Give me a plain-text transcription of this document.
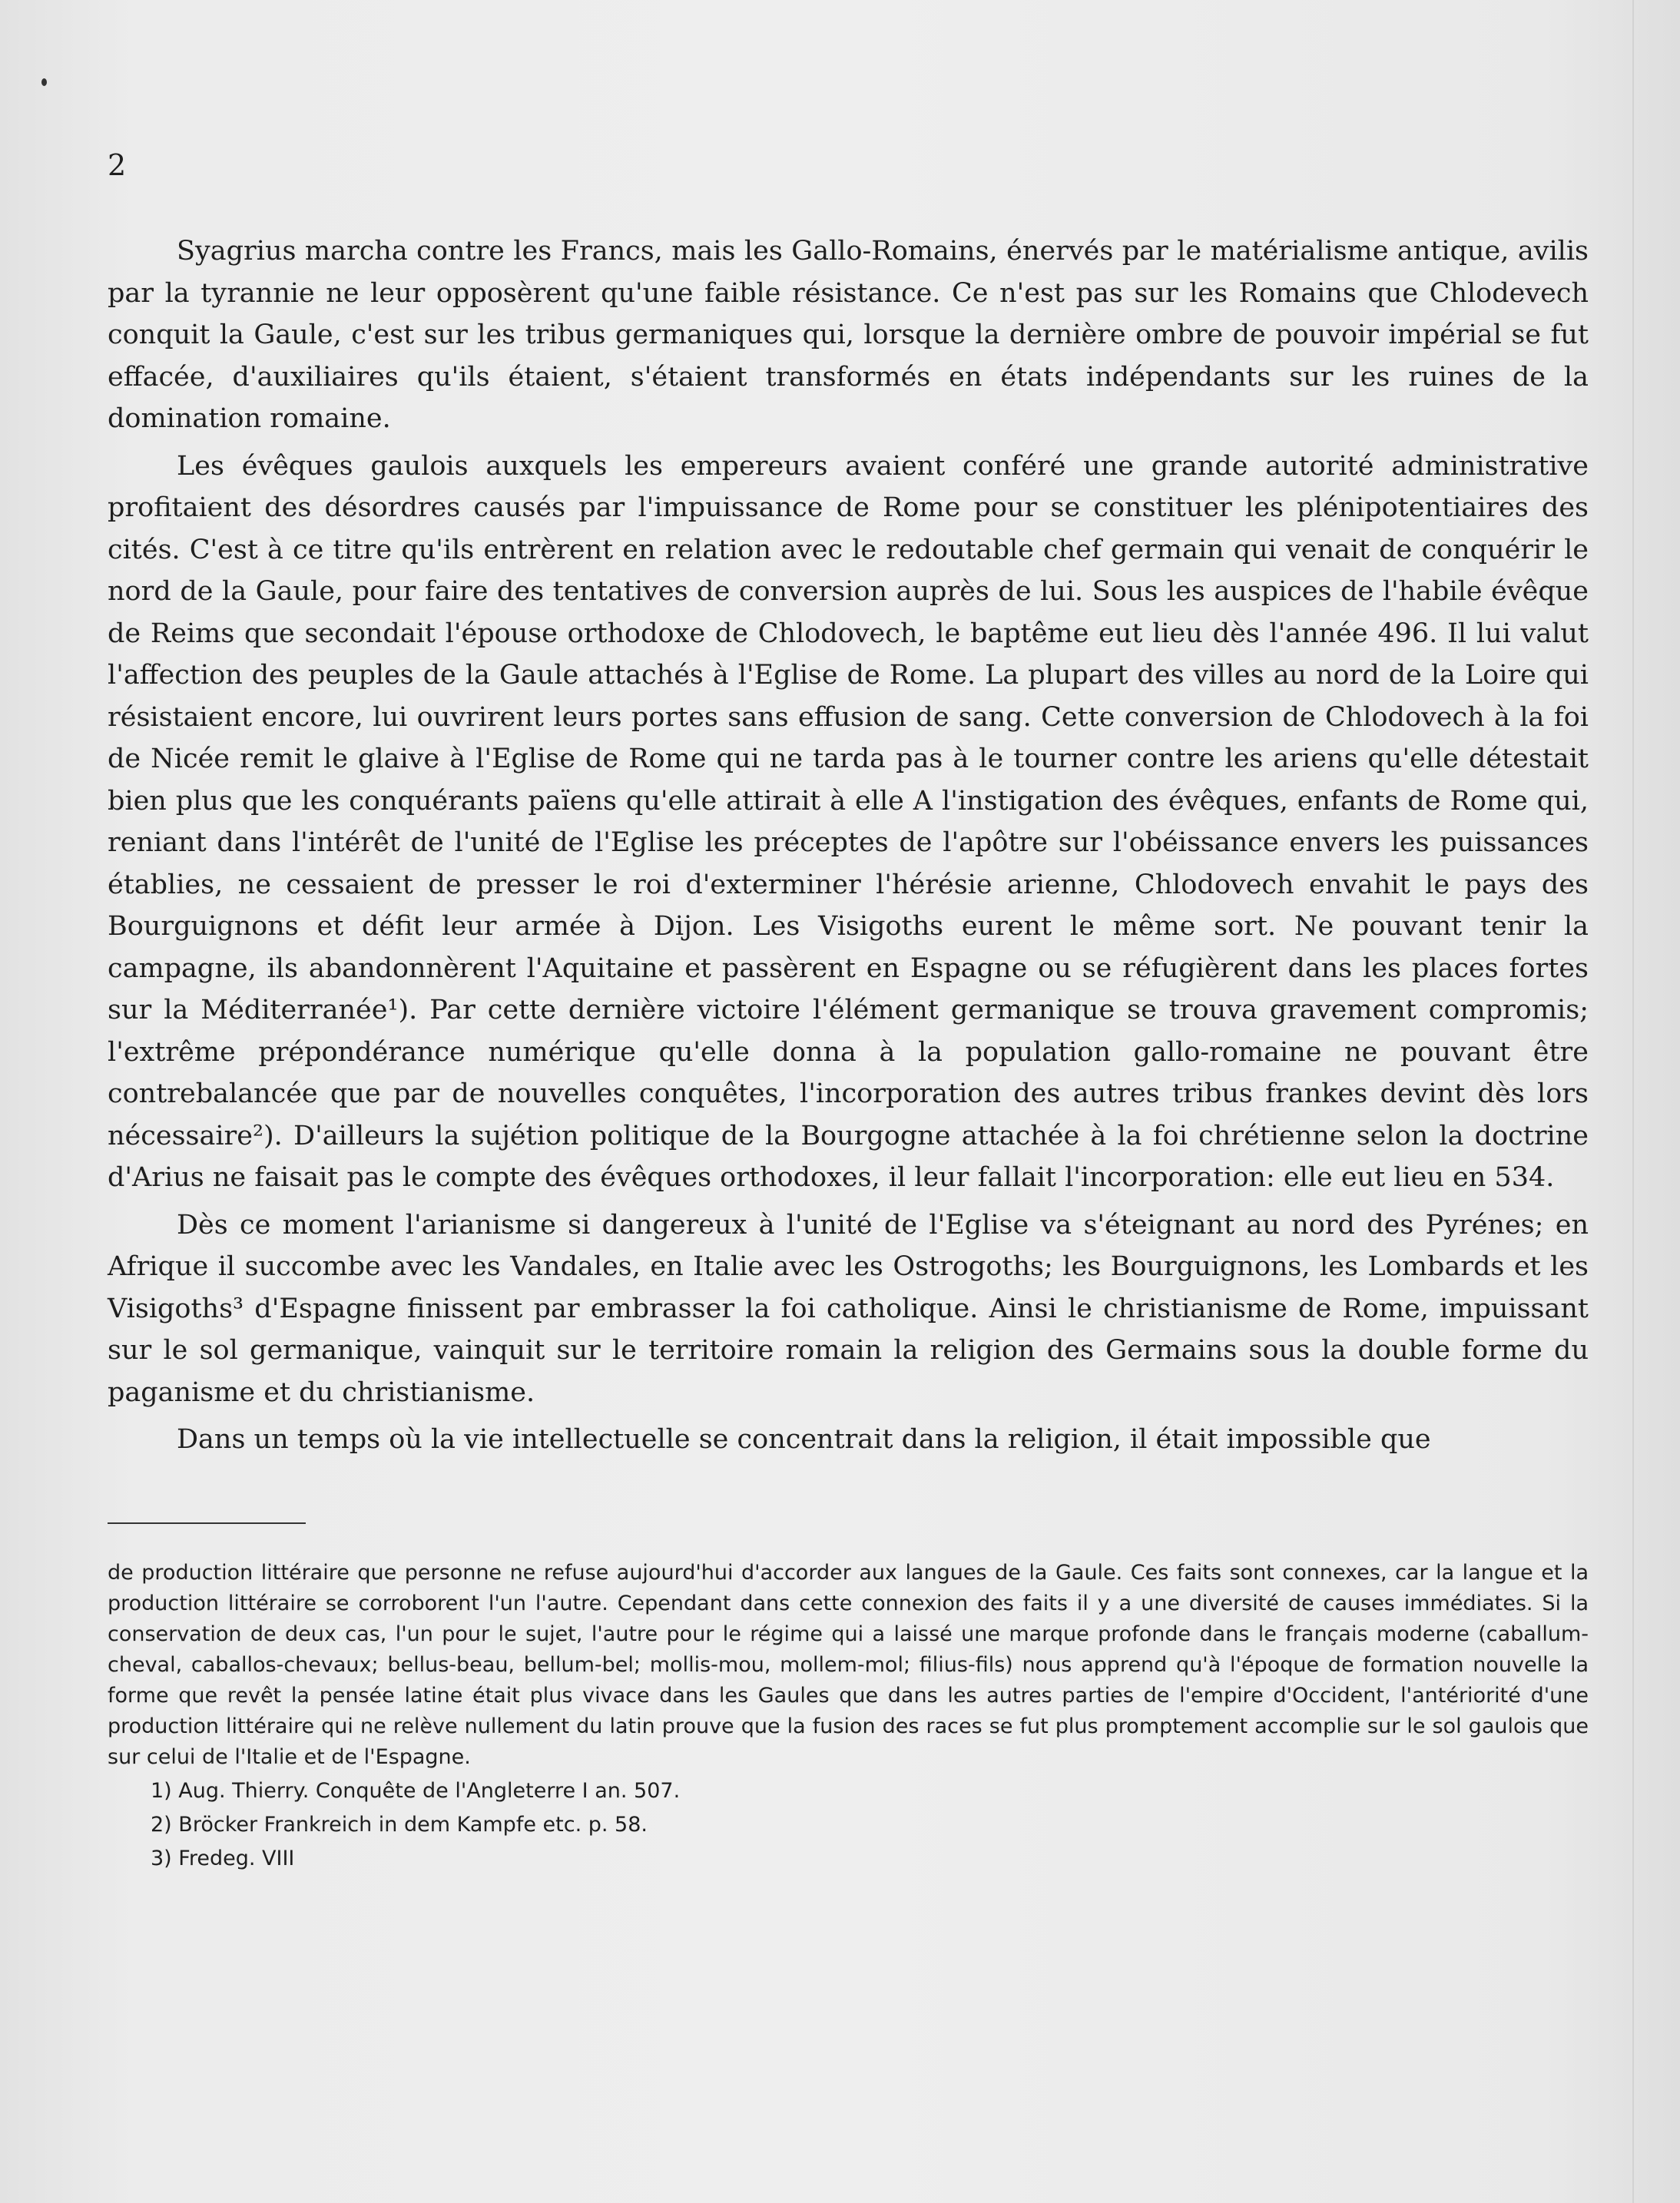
2

Syagrius marcha contre les Francs, mais les Gallo-Romains, énervés par le matérialisme antique, avilis par la tyrannie ne leur opposèrent qu'une faible résistance. Ce n'est pas sur les Romains que Chlodevech conquit la Gaule, c'est sur les tribus germaniques qui, lorsque la dernière ombre de pouvoir impérial se fut effacée, d'auxiliaires qu'ils étaient, s'étaient transformés en états indépendants sur les ruines de la domination romaine.

Les évêques gaulois auxquels les empereurs avaient conféré une grande autorité administrative profitaient des désordres causés par l'impuissance de Rome pour se constituer les plénipotentiaires des cités. C'est à ce titre qu'ils entrèrent en relation avec le redoutable chef germain qui venait de conquérir le nord de la Gaule, pour faire des tentatives de conversion auprès de lui. Sous les auspices de l'habile évêque de Reims que secondait l'épouse orthodoxe de Chlodovech, le baptême eut lieu dès l'année 496. Il lui valut l'affection des peuples de la Gaule attachés à l'Eglise de Rome. La plupart des villes au nord de la Loire qui résistaient encore, lui ouvrirent leurs portes sans effusion de sang. Cette conversion de Chlodovech à la foi de Nicée remit le glaive à l'Eglise de Rome qui ne tarda pas à le tourner contre les ariens qu'elle détestait bien plus que les conquérants païens qu'elle attirait à elle A l'instigation des évêques, enfants de Rome qui, reniant dans l'intérêt de l'unité de l'Eglise les préceptes de l'apôtre sur l'obéissance envers les puissances établies, ne cessaient de presser le roi d'exterminer l'hérésie arienne, Chlodovech envahit le pays des Bourguignons et défit leur armée à Dijon. Les Visigoths eurent le même sort. Ne pouvant tenir la campagne, ils abandonnèrent l'Aquitaine et passèrent en Espagne ou se réfugièrent dans les places fortes sur la Méditerranée¹). Par cette dernière victoire l'élément germanique se trouva gravement compromis; l'extrême prépondérance numérique qu'elle donna à la population gallo-romaine ne pouvant être contrebalancée que par de nouvelles conquêtes, l'incorporation des autres tribus frankes devint dès lors nécessaire²). D'ailleurs la sujétion politique de la Bourgogne attachée à la foi chrétienne selon la doctrine d'Arius ne faisait pas le compte des évêques orthodoxes, il leur fallait l'incorporation: elle eut lieu en 534.

Dès ce moment l'arianisme si dangereux à l'unité de l'Eglise va s'éteignant au nord des Pyrénes; en Afrique il succombe avec les Vandales, en Italie avec les Ostrogoths; les Bourguignons, les Lombards et les Visigoths³ d'Espagne finissent par embrasser la foi catholique. Ainsi le christianisme de Rome, impuissant sur le sol germanique, vainquit sur le territoire romain la religion des Germains sous la double forme du paganisme et du christianisme.

Dans un temps où la vie intellectuelle se concentrait dans la religion, il était impossible que

de production littéraire que personne ne refuse aujourd'hui d'accorder aux langues de la Gaule. Ces faits sont connexes, car la langue et la production littéraire se corroborent l'un l'autre. Cependant dans cette connexion des faits il y a une diversité de causes immédiates. Si la conservation de deux cas, l'un pour le sujet, l'autre pour le régime qui a laissé une marque profonde dans le français moderne (caballum-cheval, caballos-chevaux; bellus-beau, bellum-bel; mollis-mou, mollem-mol; filius-fils) nous apprend qu'à l'époque de formation nouvelle la forme que revêt la pensée latine était plus vivace dans les Gaules que dans les autres parties de l'empire d'Occident, l'antériorité d'une production littéraire qui ne relève nullement du latin prouve que la fusion des races se fut plus promptement accomplie sur le sol gaulois que sur celui de l'Italie et de l'Espagne.

1) Aug. Thierry. Conquête de l'Angleterre I an. 507.
2) Bröcker Frankreich in dem Kampfe etc. p. 58.
3) Fredeg. VIII
